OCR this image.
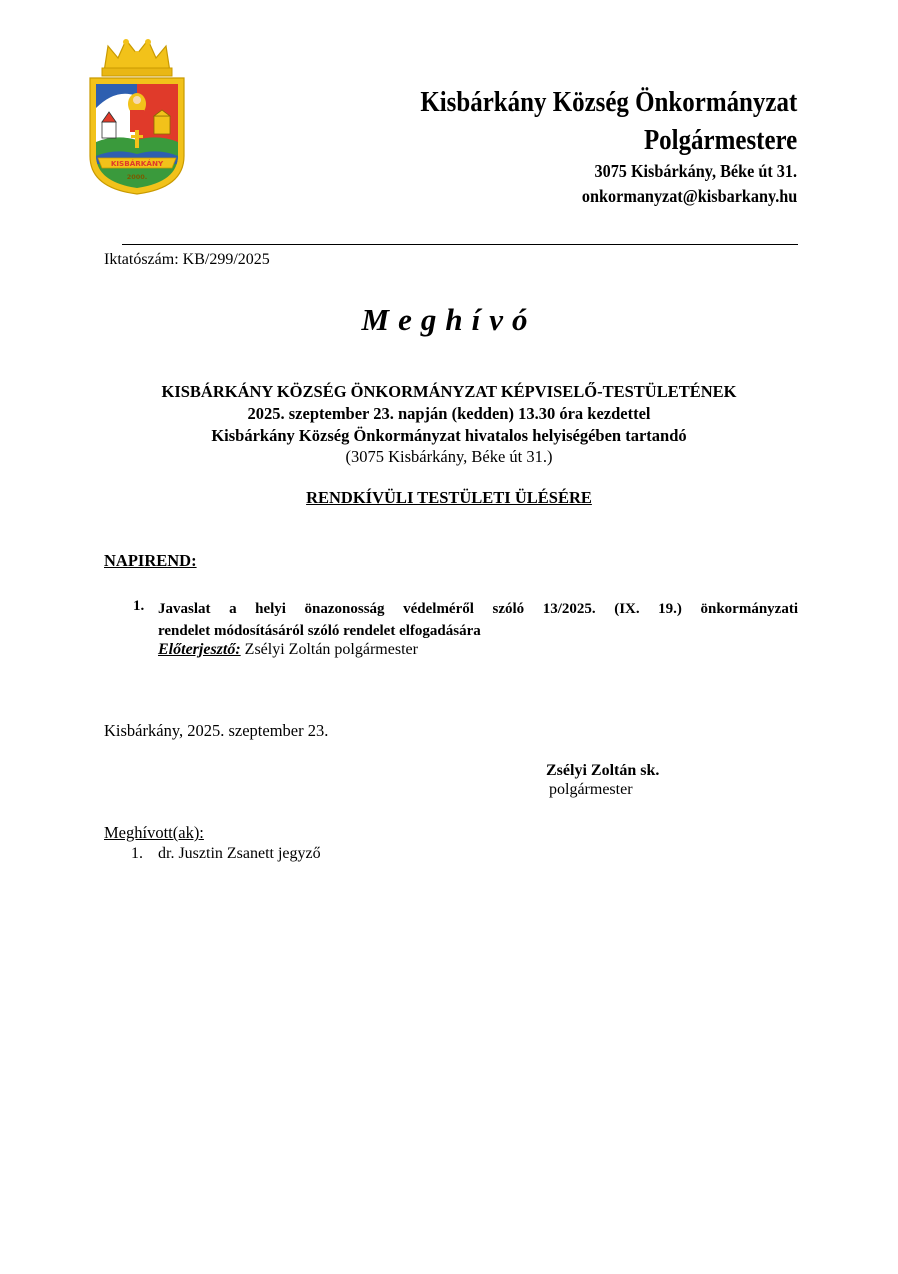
KISBÁRKÁNY
2000.
Kisbárkány Község Önkormányzat
Polgármestere
3075 Kisbárkány, Béke út 31.
onkormanyzat@kisbarkany.hu
Iktatószám: KB/299/2025
Meghívó
KISBÁRKÁNY KÖZSÉG ÖNKORMÁNYZAT KÉPVISELŐ-TESTÜLETÉNEK
2025. szeptember 23. napján (kedden) 13.30 óra kezdettel
Kisbárkány Község Önkormányzat hivatalos helyiségében tartandó
(3075 Kisbárkány, Béke út 31.)
RENDKÍVÜLI TESTÜLETI ÜLÉSÉRE
NAPIREND:
1. Javaslat a helyi önazonosság védelméről szóló 13/2025. (IX. 19.) önkormányzati
rendelet módosításáról szóló rendelet elfogadására
Előterjesztő: Zsélyi Zoltán polgármester
Kisbárkány, 2025. szeptember 23.
Zsélyi Zoltán sk.
polgármester
Meghívott(ak):
1. dr. Jusztin Zsanett jegyző
